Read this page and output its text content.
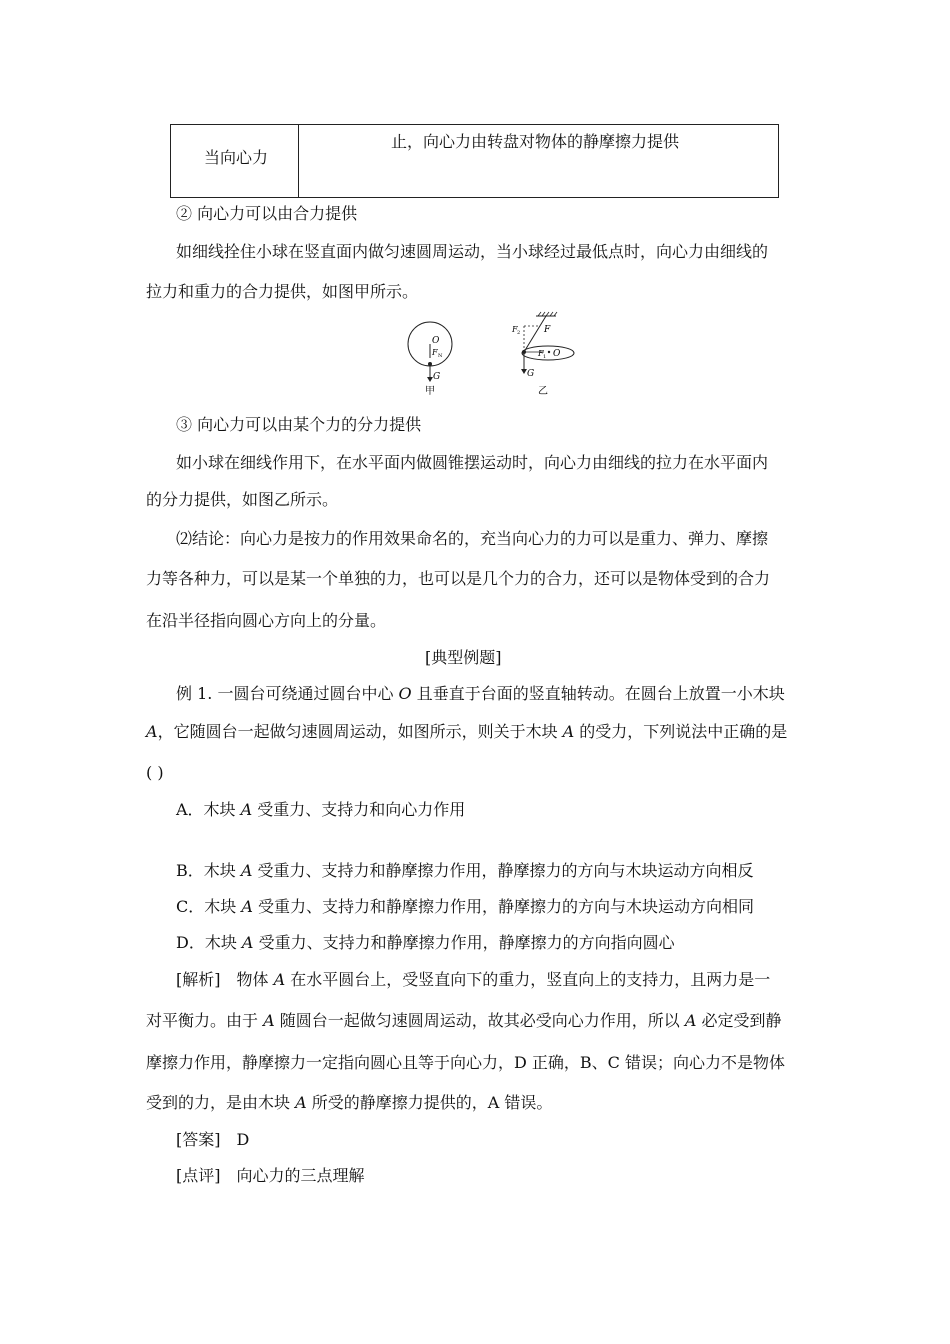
当向心力
止，向心力由转盘对物体的静摩擦力提供
② 向心力可以由合力提供
如细线拴住小球在竖直面内做匀速圆周运动，当小球经过最低点时，向心力由细线的
拉力和重力的合力提供，如图甲所示。
O
F N
G
甲
F 2	F
F 1 O
G
乙
③ 向心力可以由某个力的分力提供
如小球在细线作用下，在水平面内做圆锥摆运动时，向心力由细线的拉力在水平面内
的分力提供，如图乙所示。
⑵结论：向心力是按力的作用效果命名的，充当向心力的力可以是重力、弹力、摩擦
力等各种力，可以是某一个单独的力，也可以是几个力的合力，还可以是物体受到的合力
在沿半径指向圆心方向上的分量。
[典型例题]
例 1. 一圆台可绕通过圆台中心 O 且垂直于台面的竖直轴转动。在圆台上放置一小木块
A，它随圆台一起做匀速圆周运动，如图所示，则关于木块 A 的受力，下列说法中正确的是
( )
A．木块 A 受重力、支持力和向心力作用
B．木块 A 受重力、支持力和静摩擦力作用，静摩擦力的方向与木块运动方向相反
C．木块 A 受重力、支持力和静摩擦力作用，静摩擦力的方向与木块运动方向相同
D．木块 A 受重力、支持力和静摩擦力作用，静摩擦力的方向指向圆心
[解析]　物体 A 在水平圆台上，受竖直向下的重力，竖直向上的支持力，且两力是一
对平衡力。由于 A 随圆台一起做匀速圆周运动，故其必受向心力作用，所以 A 必定受到静
摩擦力作用，静摩擦力一定指向圆心且等于向心力，D 正确，B、C 错误；向心力不是物体
受到的力，是由木块 A 所受的静摩擦力提供的，A 错误。
[答案]　D
[点评]　向心力的三点理解
